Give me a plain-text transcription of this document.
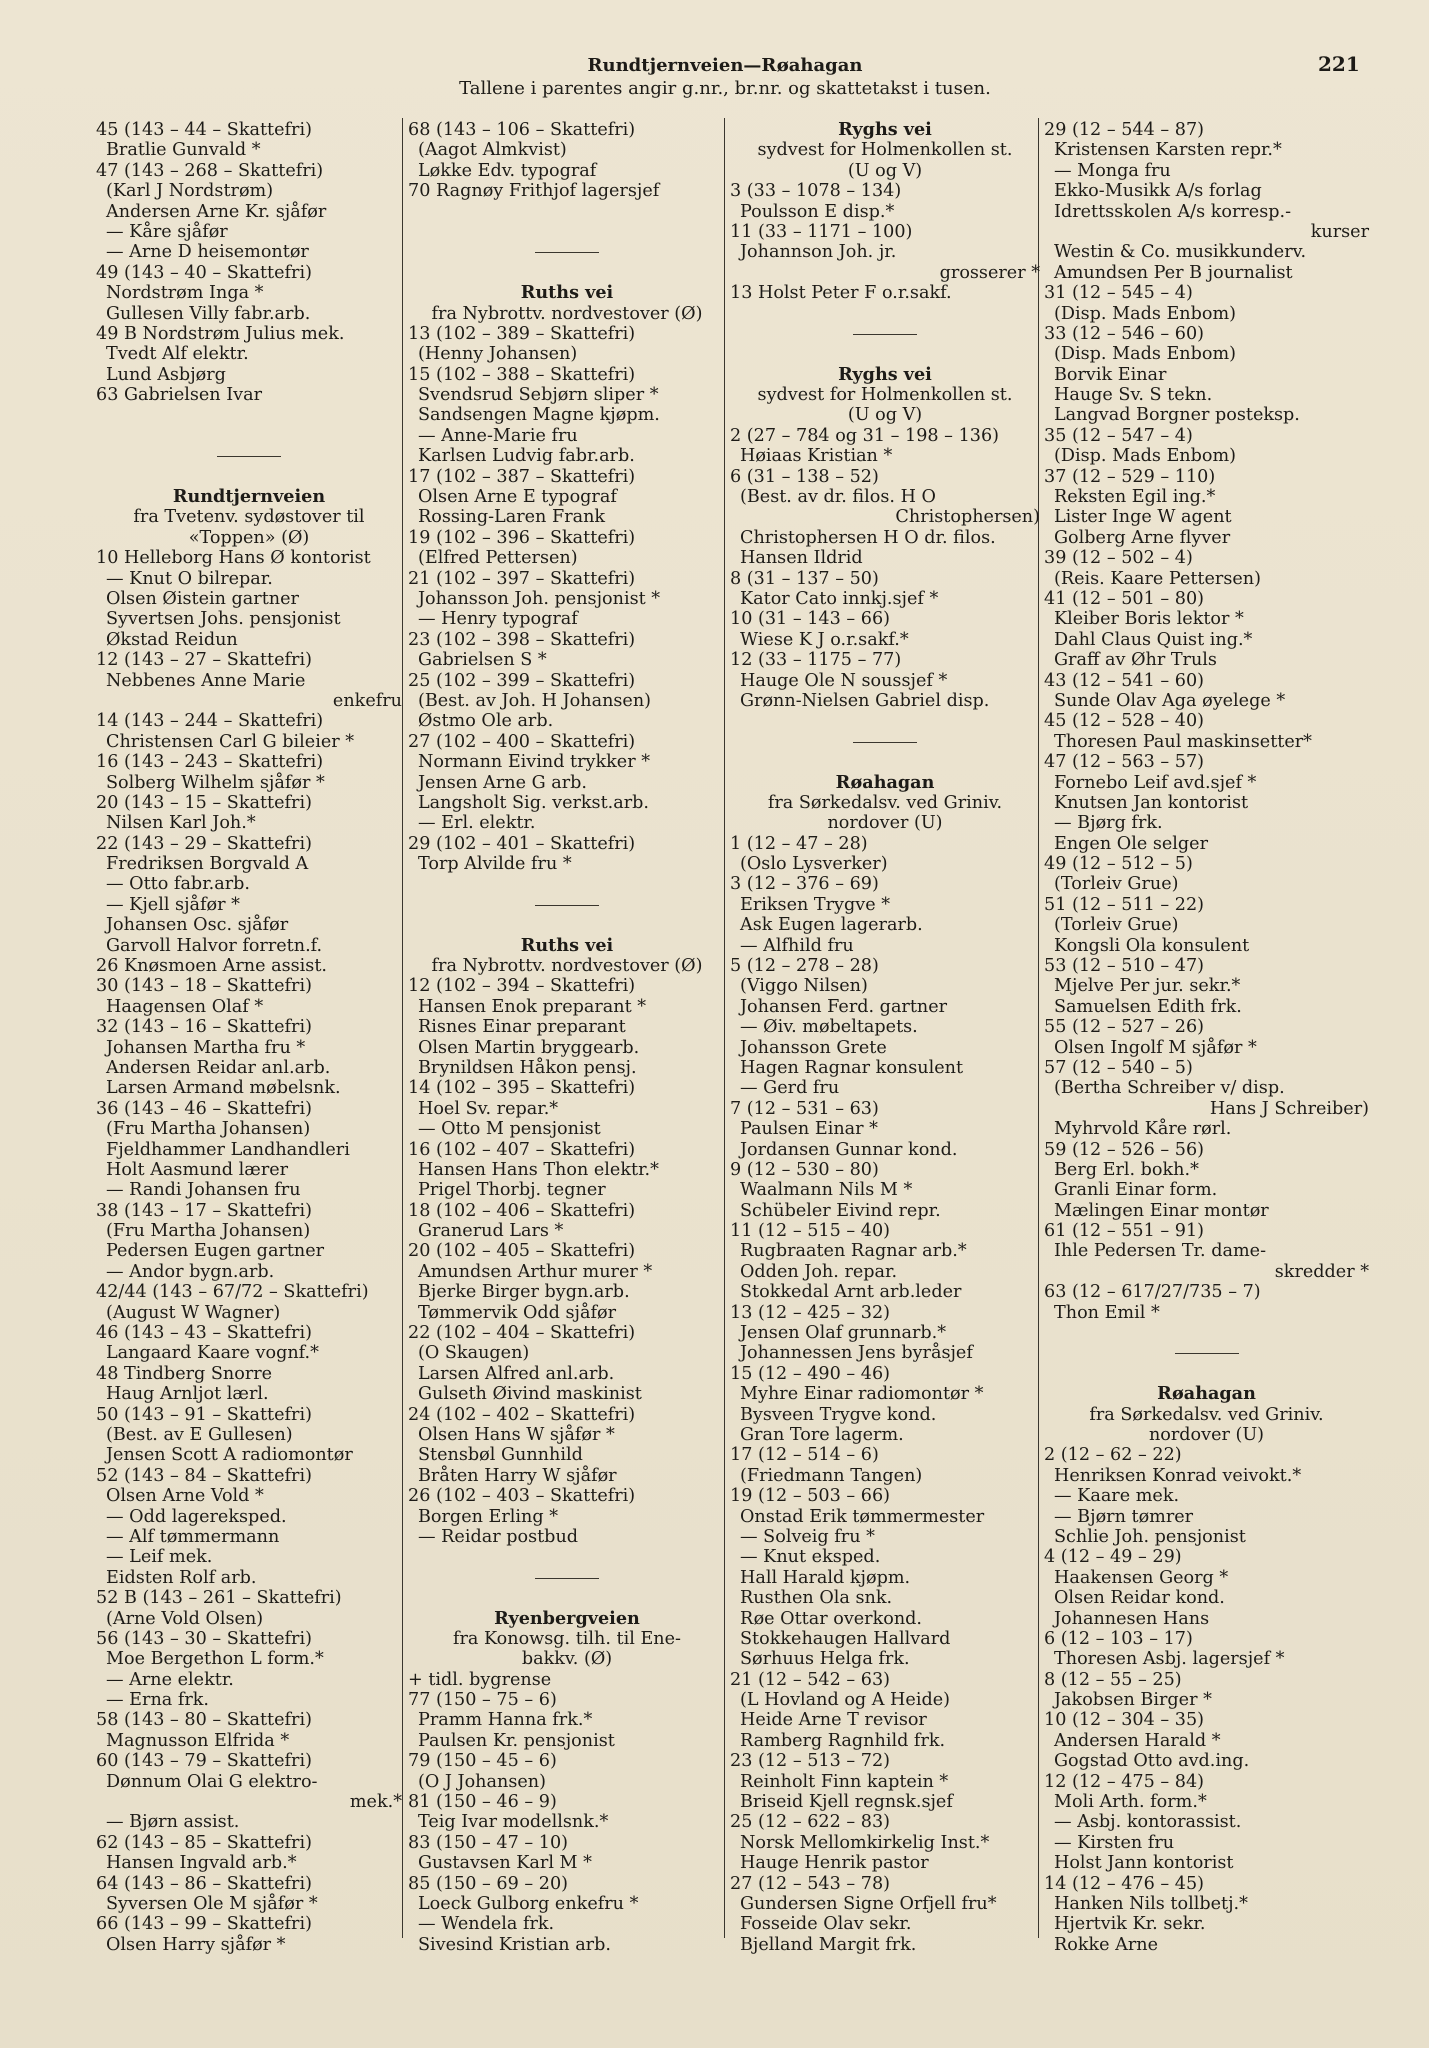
Rundtjernveien—Røahagan
Tallene i parentes angir g.nr., br.nr. og skattetakst i tusen.
221
45 (143 – 44 – Skattefri)
Bratlie Gunvald *
47 (143 – 268 – Skattefri)
(Karl J Nordstrøm)
Andersen Arne Kr. sjåfør
— Kåre sjåfør
— Arne D heisemontør
49 (143 – 40 – Skattefri)
Nordstrøm Inga *
Gullesen Villy fabr.arb.
49 B Nordstrøm Julius mek.
Tvedt Alf elektr.
Lund Asbjørg
63 Gabrielsen Ivar
Rundtjernveien
fra Tvetenv. sydøstover til
«Toppen» (Ø)
10 Helleborg Hans Ø kontorist
— Knut O bilrepar.
Olsen Øistein gartner
Syvertsen Johs. pensjonist
Økstad Reidun
12 (143 – 27 – Skattefri)
Nebbenes Anne Marie
enkefru
14 (143 – 244 – Skattefri)
Christensen Carl G bileier *
16 (143 – 243 – Skattefri)
Solberg Wilhelm sjåfør *
20 (143 – 15 – Skattefri)
Nilsen Karl Joh.*
22 (143 – 29 – Skattefri)
Fredriksen Borgvald A
— Otto fabr.arb.
— Kjell sjåfør *
Johansen Osc. sjåfør
Garvoll Halvor forretn.f.
26 Knøsmoen Arne assist.
30 (143 – 18 – Skattefri)
Haagensen Olaf *
32 (143 – 16 – Skattefri)
Johansen Martha fru *
Andersen Reidar anl.arb.
Larsen Armand møbelsnk.
36 (143 – 46 – Skattefri)
(Fru Martha Johansen)
Fjeldhammer Landhandleri
Holt Aasmund lærer
— Randi Johansen fru
38 (143 – 17 – Skattefri)
(Fru Martha Johansen)
Pedersen Eugen gartner
— Andor bygn.arb.
42/44 (143 – 67/72 – Skattefri)
(August W Wagner)
46 (143 – 43 – Skattefri)
Langaard Kaare vognf.*
48 Tindberg Snorre
Haug Arnljot lærl.
50 (143 – 91 – Skattefri)
(Best. av E Gullesen)
Jensen Scott A radiomontør
52 (143 – 84 – Skattefri)
Olsen Arne Vold *
— Odd lagereksped.
— Alf tømmermann
— Leif mek.
Eidsten Rolf arb.
52 B (143 – 261 – Skattefri)
(Arne Vold Olsen)
56 (143 – 30 – Skattefri)
Moe Bergethon L form.*
— Arne elektr.
— Erna frk.
58 (143 – 80 – Skattefri)
Magnusson Elfrida *
60 (143 – 79 – Skattefri)
Dønnum Olai G elektro-
mek.*
— Bjørn assist.
62 (143 – 85 – Skattefri)
Hansen Ingvald arb.*
64 (143 – 86 – Skattefri)
Syversen Ole M sjåfør *
66 (143 – 99 – Skattefri)
Olsen Harry sjåfør *
68 (143 – 106 – Skattefri)
(Aagot Almkvist)
Løkke Edv. typograf
70 Ragnøy Frithjof lagersjef
Ruths vei
fra Nybrottv. nordvestover (Ø)
13 (102 – 389 – Skattefri)
(Henny Johansen)
15 (102 – 388 – Skattefri)
Svendsrud Sebjørn sliper *
Sandsengen Magne kjøpm.
— Anne-Marie fru
Karlsen Ludvig fabr.arb.
17 (102 – 387 – Skattefri)
Olsen Arne E typograf
Rossing-Laren Frank
19 (102 – 396 – Skattefri)
(Elfred Pettersen)
21 (102 – 397 – Skattefri)
Johansson Joh. pensjonist *
— Henry typograf
23 (102 – 398 – Skattefri)
Gabrielsen S *
25 (102 – 399 – Skattefri)
(Best. av Joh. H Johansen)
Østmo Ole arb.
27 (102 – 400 – Skattefri)
Normann Eivind trykker *
Jensen Arne G arb.
Langsholt Sig. verkst.arb.
— Erl. elektr.
29 (102 – 401 – Skattefri)
Torp Alvilde fru *
Ruths vei
fra Nybrottv. nordvestover (Ø)
12 (102 – 394 – Skattefri)
Hansen Enok preparant *
Risnes Einar preparant
Olsen Martin bryggearb.
Brynildsen Håkon pensj.
14 (102 – 395 – Skattefri)
Hoel Sv. repar.*
— Otto M pensjonist
16 (102 – 407 – Skattefri)
Hansen Hans Thon elektr.*
Prigel Thorbj. tegner
18 (102 – 406 – Skattefri)
Granerud Lars *
20 (102 – 405 – Skattefri)
Amundsen Arthur murer *
Bjerke Birger bygn.arb.
Tømmervik Odd sjåfør
22 (102 – 404 – Skattefri)
(O Skaugen)
Larsen Alfred anl.arb.
Gulseth Øivind maskinist
24 (102 – 402 – Skattefri)
Olsen Hans W sjåfør *
Stensbøl Gunnhild
Bråten Harry W sjåfør
26 (102 – 403 – Skattefri)
Borgen Erling *
— Reidar postbud
Ryenbergveien
fra Konowsg. tilh. til Ene-
bakkv. (Ø)
+ tidl. bygrense
77 (150 – 75 – 6)
Pramm Hanna frk.*
Paulsen Kr. pensjonist
79 (150 – 45 – 6)
(O J Johansen)
81 (150 – 46 – 9)
Teig Ivar modellsnk.*
83 (150 – 47 – 10)
Gustavsen Karl M *
85 (150 – 69 – 20)
Loeck Gulborg enkefru *
— Wendela frk.
Sivesind Kristian arb.
Ryghs vei
sydvest for Holmenkollen st.
(U og V)
3 (33 – 1078 – 134)
Poulsson E disp.*
11 (33 – 1171 – 100)
Johannson Joh. jr.
grosserer *
13 Holst Peter F o.r.sakf.
Ryghs vei
sydvest for Holmenkollen st.
(U og V)
2 (27 – 784 og 31 – 198 – 136)
Høiaas Kristian *
6 (31 – 138 – 52)
(Best. av dr. filos. H O
Christophersen)
Christophersen H O dr. filos.
Hansen Ildrid
8 (31 – 137 – 50)
Kator Cato innkj.sjef *
10 (31 – 143 – 66)
Wiese K J o.r.sakf.*
12 (33 – 1175 – 77)
Hauge Ole N soussjef *
Grønn-Nielsen Gabriel disp.
Røahagan
fra Sørkedalsv. ved Griniv.
nordover (U)
1 (12 – 47 – 28)
(Oslo Lysverker)
3 (12 – 376 – 69)
Eriksen Trygve *
Ask Eugen lagerarb.
— Alfhild fru
5 (12 – 278 – 28)
(Viggo Nilsen)
Johansen Ferd. gartner
— Øiv. møbeltapets.
Johansson Grete
Hagen Ragnar konsulent
— Gerd fru
7 (12 – 531 – 63)
Paulsen Einar *
Jordansen Gunnar kond.
9 (12 – 530 – 80)
Waalmann Nils M *
Schübeler Eivind repr.
11 (12 – 515 – 40)
Rugbraaten Ragnar arb.*
Odden Joh. repar.
Stokkedal Arnt arb.leder
13 (12 – 425 – 32)
Jensen Olaf grunnarb.*
Johannessen Jens byråsjef
15 (12 – 490 – 46)
Myhre Einar radiomontør *
Bysveen Trygve kond.
Gran Tore lagerm.
17 (12 – 514 – 6)
(Friedmann Tangen)
19 (12 – 503 – 66)
Onstad Erik tømmermester
— Solveig fru *
— Knut eksped.
Hall Harald kjøpm.
Rusthen Ola snk.
Røe Ottar overkond.
Stokkehaugen Hallvard
Sørhuus Helga frk.
21 (12 – 542 – 63)
(L Hovland og A Heide)
Heide Arne T revisor
Ramberg Ragnhild frk.
23 (12 – 513 – 72)
Reinholt Finn kaptein *
Briseid Kjell regnsk.sjef
25 (12 – 622 – 83)
Norsk Mellomkirkelig Inst.*
Hauge Henrik pastor
27 (12 – 543 – 78)
Gundersen Signe Orfjell fru*
Fosseide Olav sekr.
Bjelland Margit frk.
29 (12 – 544 – 87)
Kristensen Karsten repr.*
— Monga fru
Ekko-Musikk A/s forlag
Idrettsskolen A/s korresp.-
kurser
Westin & Co. musikkunderv.
Amundsen Per B journalist
31 (12 – 545 – 4)
(Disp. Mads Enbom)
33 (12 – 546 – 60)
(Disp. Mads Enbom)
Borvik Einar
Hauge Sv. S tekn.
Langvad Borgner posteksp.
35 (12 – 547 – 4)
(Disp. Mads Enbom)
37 (12 – 529 – 110)
Reksten Egil ing.*
Lister Inge W agent
Golberg Arne flyver
39 (12 – 502 – 4)
(Reis. Kaare Pettersen)
41 (12 – 501 – 80)
Kleiber Boris lektor *
Dahl Claus Quist ing.*
Graff av Øhr Truls
43 (12 – 541 – 60)
Sunde Olav Aga øyelege *
45 (12 – 528 – 40)
Thoresen Paul maskinsetter*
47 (12 – 563 – 57)
Fornebo Leif avd.sjef *
Knutsen Jan kontorist
— Bjørg frk.
Engen Ole selger
49 (12 – 512 – 5)
(Torleiv Grue)
51 (12 – 511 – 22)
(Torleiv Grue)
Kongsli Ola konsulent
53 (12 – 510 – 47)
Mjelve Per jur. sekr.*
Samuelsen Edith frk.
55 (12 – 527 – 26)
Olsen Ingolf M sjåfør *
57 (12 – 540 – 5)
(Bertha Schreiber v/ disp.
Hans J Schreiber)
Myhrvold Kåre rørl.
59 (12 – 526 – 56)
Berg Erl. bokh.*
Granli Einar form.
Mælingen Einar montør
61 (12 – 551 – 91)
Ihle Pedersen Tr. dame-
skredder *
63 (12 – 617/27/735 – 7)
Thon Emil *
Røahagan
fra Sørkedalsv. ved Griniv.
nordover (U)
2 (12 – 62 – 22)
Henriksen Konrad veivokt.*
— Kaare mek.
— Bjørn tømrer
Schlie Joh. pensjonist
4 (12 – 49 – 29)
Haakensen Georg *
Olsen Reidar kond.
Johannesen Hans
6 (12 – 103 – 17)
Thoresen Asbj. lagersjef *
8 (12 – 55 – 25)
Jakobsen Birger *
10 (12 – 304 – 35)
Andersen Harald *
Gogstad Otto avd.ing.
12 (12 – 475 – 84)
Moli Arth. form.*
— Asbj. kontorassist.
— Kirsten fru
Holst Jann kontorist
14 (12 – 476 – 45)
Hanken Nils tollbetj.*
Hjertvik Kr. sekr.
Rokke Arne
